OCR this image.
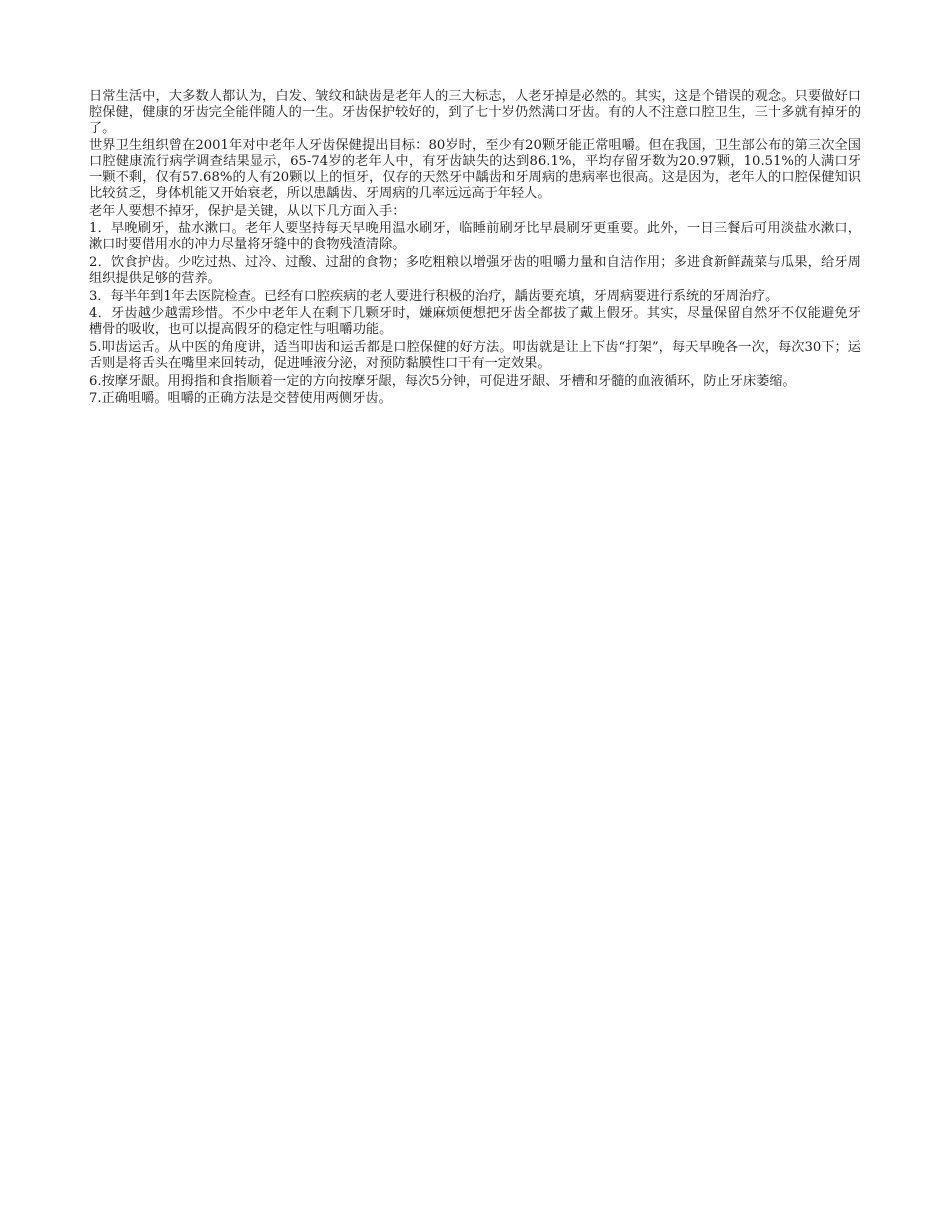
日常生活中，大多数人都认为，白发、皱纹和缺齿是老年人的三大标志，人老牙掉是必然的。其实，这是个错误的观念。只要做好口腔保健，健康的牙齿完全能伴随人的一生。牙齿保护较好的，到了七十岁仍然满口牙齿。有的人不注意口腔卫生，三十多就有掉牙的了。

世界卫生组织曾在2001年对中老年人牙齿保健提出目标：80岁时，至少有20颗牙能正常咀嚼。但在我国，卫生部公布的第三次全国口腔健康流行病学调查结果显示，65-74岁的老年人中，有牙齿缺失的达到86.1%，平均存留牙数为20.97颗，10.51%的人满口牙一颗不剩，仅有57.68%的人有20颗以上的恒牙，仅存的天然牙中龋齿和牙周病的患病率也很高。这是因为，老年人的口腔保健知识比较贫乏，身体机能又开始衰老，所以患龋齿、牙周病的几率远远高于年轻人。

老年人要想不掉牙，保护是关键，从以下几方面入手：

1．早晚刷牙，盐水漱口。老年人要坚持每天早晚用温水刷牙，临睡前刷牙比早晨刷牙更重要。此外，一日三餐后可用淡盐水漱口，漱口时要借用水的冲力尽量将牙缝中的食物残渣清除。

2．饮食护齿。少吃过热、过冷、过酸、过甜的食物；多吃粗粮以增强牙齿的咀嚼力量和自洁作用；多进食新鲜蔬菜与瓜果，给牙周组织提供足够的营养。

3．每半年到1年去医院检查。已经有口腔疾病的老人要进行积极的治疗，龋齿要充填，牙周病要进行系统的牙周治疗。

4．牙齿越少越需珍惜。不少中老年人在剩下几颗牙时，嫌麻烦便想把牙齿全都拔了戴上假牙。其实，尽量保留自然牙不仅能避免牙槽骨的吸收，也可以提高假牙的稳定性与咀嚼功能。

5.叩齿运舌。从中医的角度讲，适当叩齿和运舌都是口腔保健的好方法。叩齿就是让上下齿“打架”，每天早晚各一次，每次30下；运舌则是将舌头在嘴里来回转动，促进唾液分泌，对预防黏膜性口干有一定效果。

6.按摩牙龈。用拇指和食指顺着一定的方向按摩牙龈，每次5分钟，可促进牙龈、牙槽和牙髓的血液循环，防止牙床萎缩。

7.正确咀嚼。咀嚼的正确方法是交替使用两侧牙齿。
